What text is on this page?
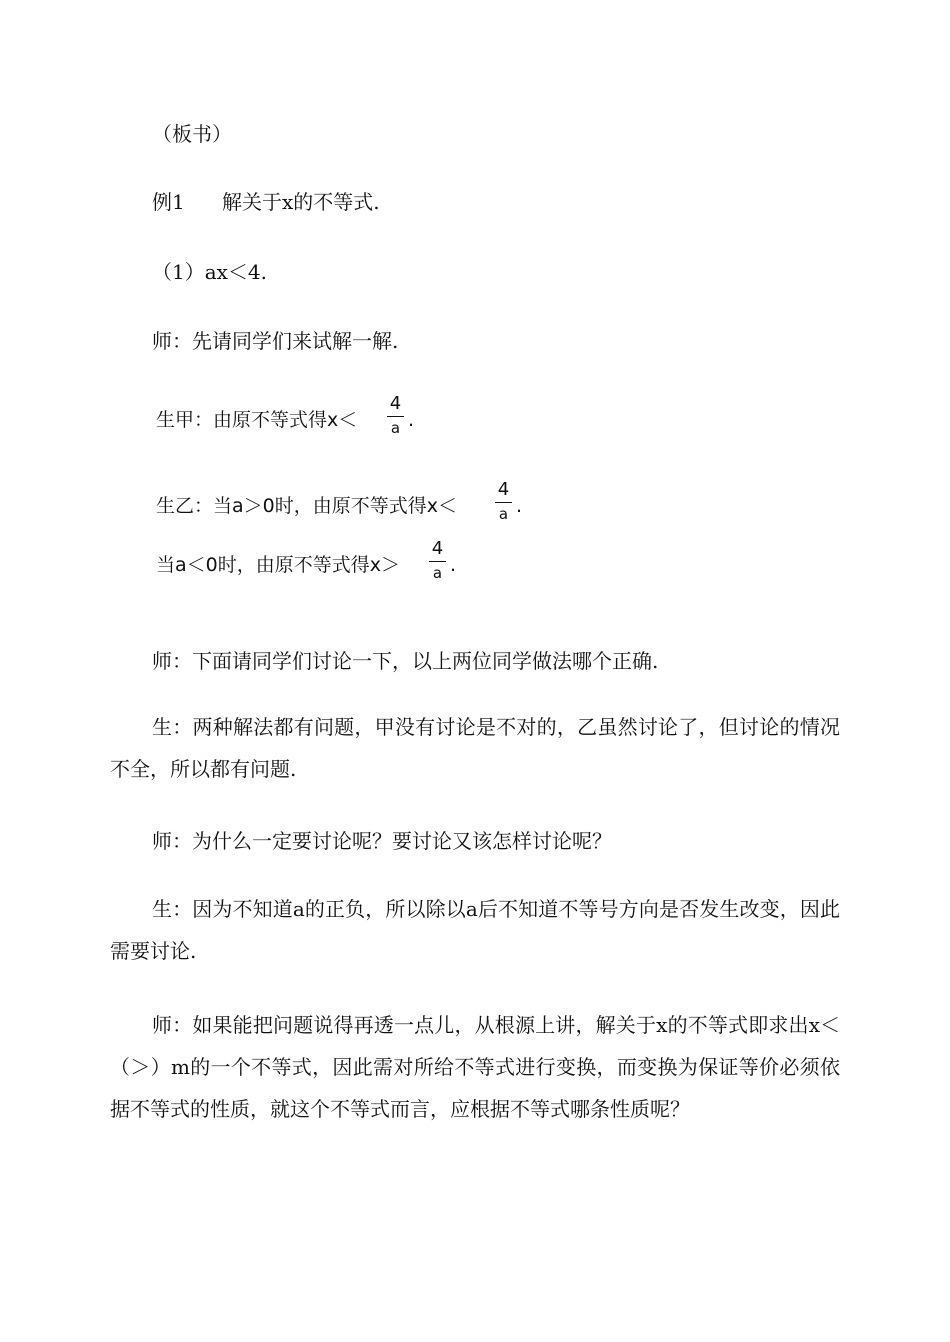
（板书）
例1 解关于x的不等式.
（1）ax＜4.
师：先请同学们来试解一解.
生甲：由原不等式得x＜
4
a .
生乙：当a＞0时，由原不等式得x＜
4
a .
当a＜0时，由原不等式得x＞
4
a .
师：下面请同学们讨论一下，以上两位同学做法哪个正确.
生：两种解法都有问题，甲没有讨论是不对的，乙虽然讨论了，但讨论的情况不全，所以都有问题.
师：为什么一定要讨论呢？要讨论又该怎样讨论呢？
生：因为不知道a的正负，所以除以a后不知道不等号方向是否发生改变，因此需要讨论.
师：如果能把问题说得再透一点儿，从根源上讲，解关于x的不等式即求出x＜（＞）m的一个不等式，因此需对所给不等式进行变换，而变换为保证等价必须依据不等式的性质，就这个不等式而言，应根据不等式哪条性质呢？
